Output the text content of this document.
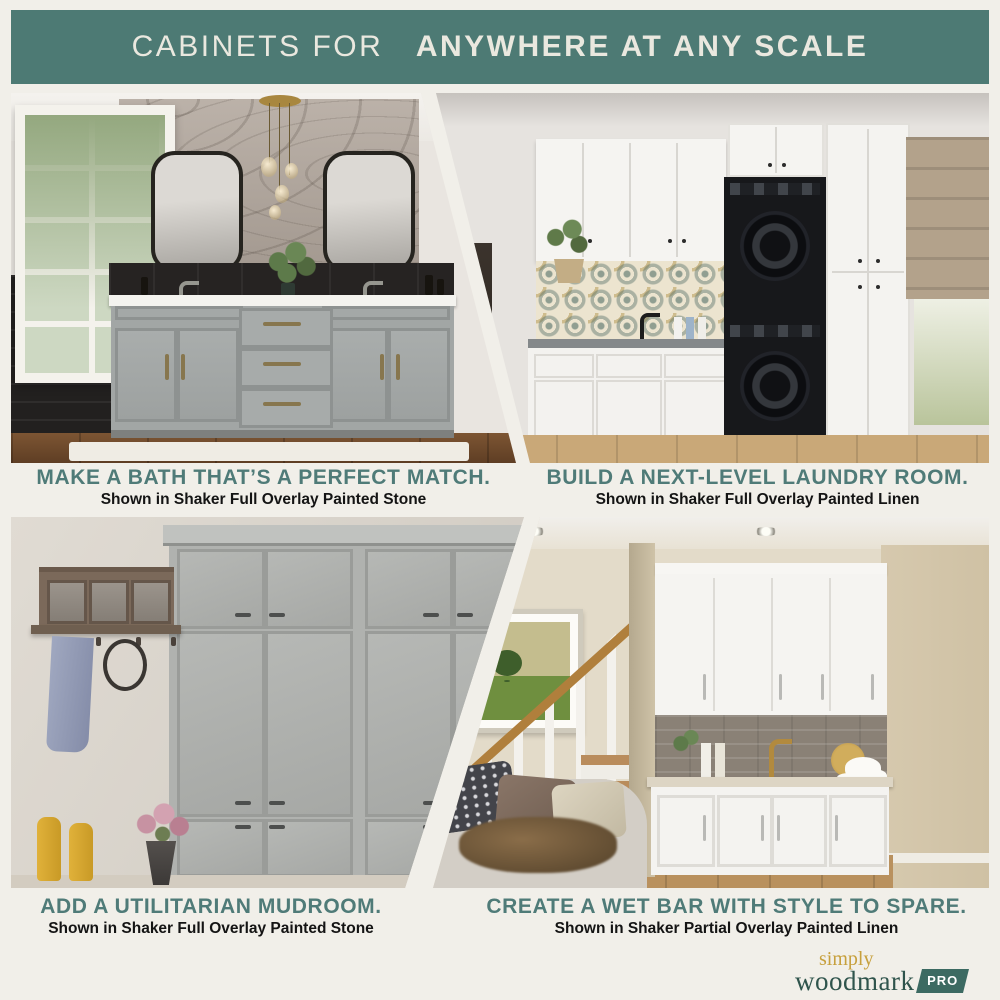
CABINETS FOR ANYWHERE AT ANY SCALE
MAKE A BATH THAT’S A PERFECT MATCH.
Shown in Shaker Full Overlay Painted Stone
BUILD A NEXT-LEVEL LAUNDRY ROOM.
Shown in Shaker Full Overlay Painted Linen
ADD A UTILITARIAN MUDROOM.
Shown in Shaker Full Overlay Painted Stone
CREATE A WET BAR WITH STYLE TO SPARE.
Shown in Shaker Partial Overlay Painted Linen
simply
woodmark	PRO
